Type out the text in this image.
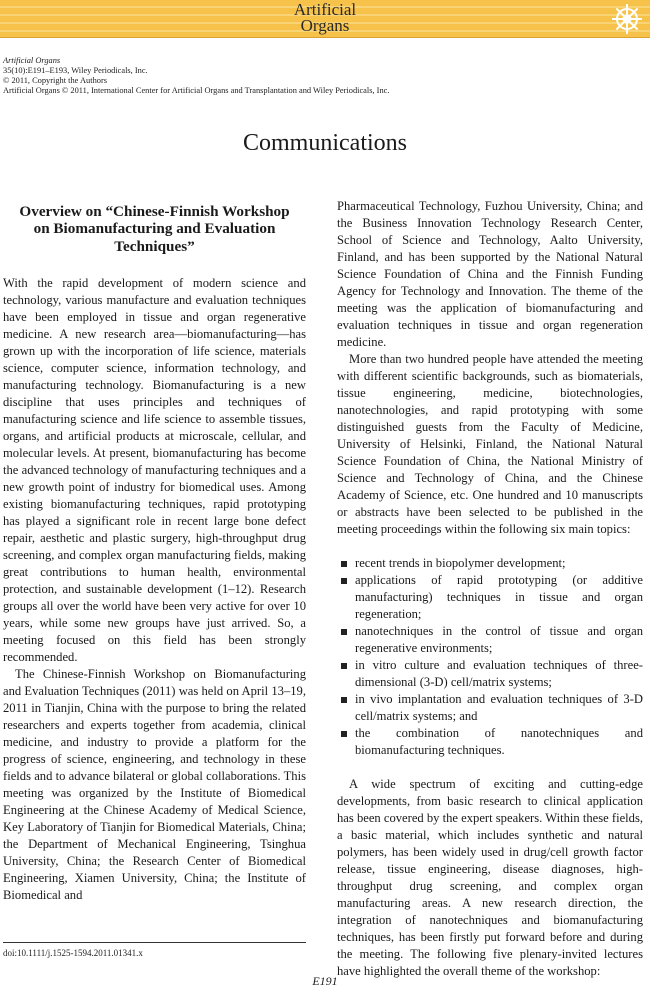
Artificial
Organs
Artificial Organs
35(10):E191–E193, Wiley Periodicals, Inc.
© 2011, Copyright the Authors
Artificial Organs © 2011, International Center for Artificial Organs and Transplantation and Wiley Periodicals, Inc.
Communications
Overview on “Chinese-Finnish Workshop on Biomanufacturing and Evaluation Techniques”

With the rapid development of modern science and technology, various manufacture and evaluation techniques have been employed in tissue and organ regenerative medicine. A new research area—biomanufacturing—has grown up with the incorporation of life science, materials science, computer science, information technology, and manufacturing technology. Biomanufacturing is a new discipline that uses principles and techniques of manufacturing science and life science to assemble tissues, organs, and artificial products at microscale, cellular, and molecular levels. At present, biomanufacturing has become the advanced technology of manufacturing techniques and a new growth point of industry for biomedical uses. Among existing biomanufacturing techniques, rapid prototyping has played a significant role in recent large bone defect repair, aesthetic and plastic surgery, high-throughput drug screening, and complex organ manufacturing fields, making great contributions to human health, environmental protection, and sustainable development (1–12). Research groups all over the world have been very active for over 10 years, while some new groups have just arrived. So, a meeting focused on this field has been strongly recommended.

The Chinese-Finnish Workshop on Biomanufacturing and Evaluation Techniques (2011) was held on April 13–19, 2011 in Tianjin, China with the purpose to bring the related researchers and experts together from academia, clinical medicine, and industry to provide a platform for the progress of science, engineering, and technology in these fields and to advance bilateral or global collaborations. This meeting was organized by the Institute of Biomedical Engineering at the Chinese Academy of Medical Science, Key Laboratory of Tianjin for Biomedical Materials, China; the Department of Mechanical Engineering, Tsinghua University, China; the Research Center of Biomedical Engineering, Xiamen University, China; the Institute of Biomedical and

Pharmaceutical Technology, Fuzhou University, China; and the Business Innovation Technology Research Center, School of Science and Technology, Aalto University, Finland, and has been supported by the National Natural Science Foundation of China and the Finnish Funding Agency for Technology and Innovation. The theme of the meeting was the application of biomanufacturing and evaluation techniques in tissue and organ regeneration medicine.

More than two hundred people have attended the meeting with different scientific backgrounds, such as biomaterials, tissue engineering, medicine, biotechnologies, nanotechnologies, and rapid prototyping with some distinguished guests from the Faculty of Medicine, University of Helsinki, Finland, the National Natural Science Foundation of China, the National Ministry of Science and Technology of China, and the Chinese Academy of Science, etc. One hundred and 10 manuscripts or abstracts have been selected to be published in the meeting proceedings within the following six main topics:

recent trends in biopolymer development;
applications of rapid prototyping (or additive manufacturing) techniques in tissue and organ regeneration;
nanotechniques in the control of tissue and organ regenerative environments;
in vitro culture and evaluation techniques of three-dimensional (3-D) cell/matrix systems;
in vivo implantation and evaluation techniques of 3-D cell/matrix systems; and
the combination of nanotechniques and biomanufacturing techniques.

A wide spectrum of exciting and cutting-edge developments, from basic research to clinical application has been covered by the expert speakers. Within these fields, a basic material, which includes synthetic and natural polymers, has been widely used in drug/cell growth factor release, tissue engineering, disease diagnoses, high-throughput drug screening, and complex organ manufacturing areas. A new research direction, the integration of nanotechniques and biomanufacturing techniques, has been firstly put forward before and during the meeting. The following five plenary-invited lectures have highlighted the overall theme of the workshop:

doi:10.1111/j.1525-1594.2011.01341.x
E191
